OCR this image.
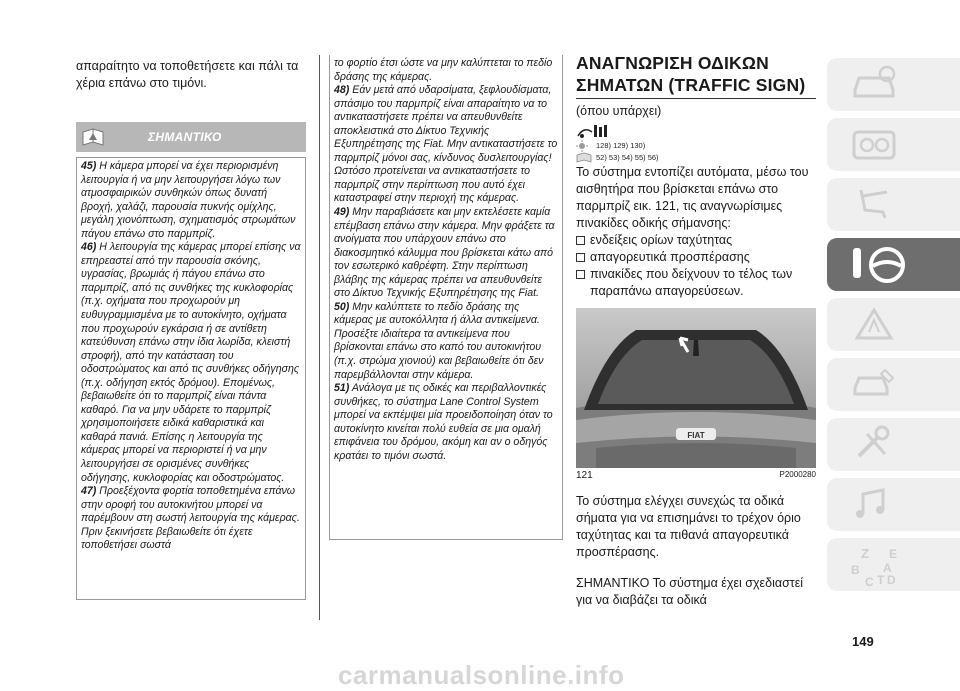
απαραίτητο να τοποθετήσετε και πάλι τα χέρια επάνω στο τιμόνι.

ΣΗΜΑΝΤΙΚΟ

45) Η κάμερα μπορεί να έχει περιορισμένη λειτουργία ή να μην λειτουργήσει λόγω των ατμοσφαιρικών συνθηκών όπως δυνατή βροχή, χαλάζι, παρουσία πυκνής ομίχλης, μεγάλη χιονόπτωση, σχηματισμός στρωμάτων πάγου επάνω στο παρμπρίζ.

46) Η λειτουργία της κάμερας μπορεί επίσης να επηρεαστεί από την παρουσία σκόνης, υγρασίας, βρωμιάς ή πάγου επάνω στο παρμπρίζ, από τις συνθήκες της κυκλοφορίας (π.χ. οχήματα που προχωρούν μη ευθυγραμμισμένα με το αυτοκίνητο, οχήματα που προχωρούν εγκάρσια ή σε αντίθετη κατεύθυνση επάνω στην ίδια λωρίδα, κλειστή στροφή), από την κατάσταση του οδοστρώματος και από τις συνθήκες οδήγησης (π.χ. οδήγηση εκτός δρόμου). Επομένως, βεβαιωθείτε ότι το παρμπρίζ είναι πάντα καθαρό. Για να μην υδάρετε το παρμπρίζ χρησιμοποιήσετε ειδικά καθαριστικά και καθαρά πανιά. Επίσης η λειτουργία της κάμερας μπορεί να περιοριστεί ή να μην λειτουργήσει σε ορισμένες συνθήκες οδήγησης, κυκλοφορίας και οδοστρώματος.

47) Προεξέχοντα φορτία τοποθετημένα επάνω στην οροφή του αυτοκινήτου μπορεί να παρέμβουν στη σωστή λειτουργία της κάμερας. Πριν ξεκινήσετε βεβαιωθείτε ότι έχετε τοποθετήσει σωστά

το φορτίο έτσι ώστε να μην καλύπτεται το πεδίο δράσης της κάμερας.

48) Εάν μετά από υδαρσίματα, ξεφλουδίσματα, σπάσιμο του παρμπρίζ είναι απαραίτητο να το αντικαταστήσετε πρέπει να απευθυνθείτε αποκλειστικά στο Δίκτυο Τεχνικής Εξυπηρέτησης της Fiat. Μην αντικαταστήσετε το παρμπρίζ μόνοι σας, κίνδυνος δυσλειτουργίας! Ωστόσο προτείνεται να αντικαταστήσετε το παρμπρίζ στην περίπτωση που αυτό έχει καταστραφεί στην περιοχή της κάμερας.

49) Μην παραβιάσετε και μην εκτελέσετε καμία επέμβαση επάνω στην κάμερα. Μην φράξετε τα ανοίγματα που υπάρχουν επάνω στο διακοσμητικό κάλυμμα που βρίσκεται κάτω από τον εσωτερικό καθρέφτη. Στην περίπτωση βλάβης της κάμερας πρέπει να απευθυνθείτε στο Δίκτυο Τεχνικής Εξυπηρέτησης της Fiat.

50) Μην καλύπτετε το πεδίο δράσης της κάμερας με αυτοκόλλητα ή άλλα αντικείμενα. Προσέξτε ιδιαίτερα τα αντικείμενα που βρίσκονται επάνω στο καπό του αυτοκινήτου (π.χ. στρώμα χιονιού) και βεβαιωθείτε ότι δεν παρεμβάλλονται στην κάμερα.

51) Ανάλογα με τις οδικές και περιβαλλοντικές συνθήκες, το σύστημα Lane Control System μπορεί να εκπέμψει μία προειδοποίηση όταν το αυτοκίνητο κινείται πολύ ευθεία σε μια ομαλή επιφάνεια του δρόμου, ακόμη και αν ο οδηγός κρατάει το τιμόνι σωστά.

ΑΝΑΓΝΩΡΙΣΗ ΟΔΙΚΩΝ
ΣΗΜΑΤΩΝ (TRAFFIC SIGN)

(όπου υπάρχει)

128) 129) 130)
52) 53) 54) 55) 56)

Το σύστημα εντοπίζει αυτόματα, μέσω του αισθητήρα που βρίσκεται επάνω στο παρμπρίζ εικ. 121, τις αναγνωρίσιμες πινακίδες οδικής σήμανσης:

ενδείξεις ορίων ταχύτητας
απαγορευτικά προσπέρασης
πινακίδες που δείχνουν το τέλος των παραπάνω απαγορεύσεων.
FIAT
121	P2000280

Το σύστημα ελέγχει συνεχώς τα οδικά σήματα για να επισημάνει το τρέχον όριο ταχύτητας και τα πιθανά απαγορευτικά προσπέρασης.

ΣΗΜΑΝΤΙΚΟ Το σύστημα έχει σχεδιαστεί για να διαβάζει τα οδικά

Z
B
C D
E
T
A
149
carmanualsonline.info
